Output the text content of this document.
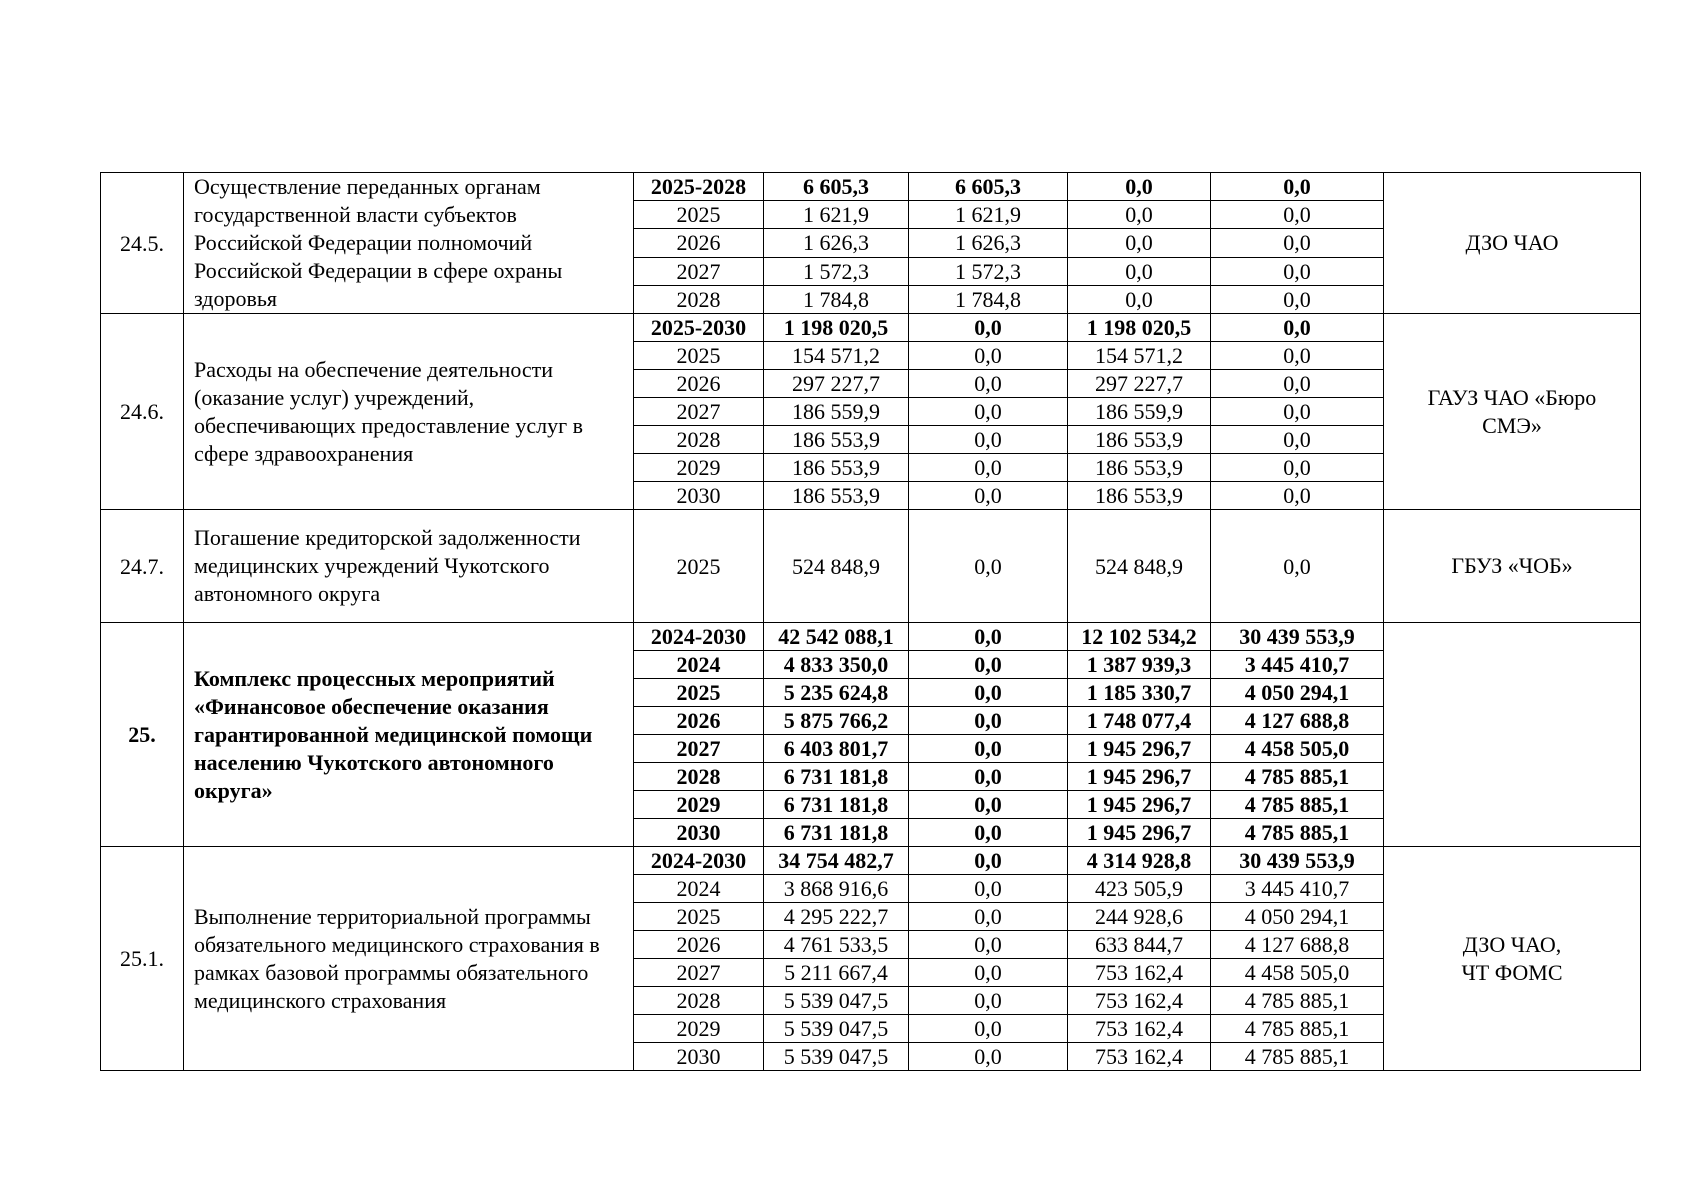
24.5.	Осуществление переданных органам государственной власти субъектов Российской Федерации полномочий Российской Федерации в сфере охраны здоровья	2025-2028	6 605,3	6 605,3	0,0	0,0	ДЗО ЧАО
		2025	1 621,9	1 621,9	0,0	0,0	
		2026	1 626,3	1 626,3	0,0	0,0	
		2027	1 572,3	1 572,3	0,0	0,0	
		2028	1 784,8	1 784,8	0,0	0,0	
24.6.	Расходы на обеспечение деятельности (оказание услуг) учреждений, обеспечивающих предоставление услуг в сфере здравоохранения	2025-2030	1 198 020,5	0,0	1 198 020,5	0,0	ГАУЗ ЧАО «Бюро
СМЭ»
		2025	154 571,2	0,0	154 571,2	0,0	
		2026	297 227,7	0,0	297 227,7	0,0	
		2027	186 559,9	0,0	186 559,9	0,0	
		2028	186 553,9	0,0	186 553,9	0,0	
		2029	186 553,9	0,0	186 553,9	0,0	
		2030	186 553,9	0,0	186 553,9	0,0	
24.7.	Погашение кредиторской задолженности медицинских учреждений Чукотского автономного округа	2025	524 848,9	0,0	524 848,9	0,0	ГБУЗ «ЧОБ»
25.	Комплекс процессных мероприятий «Финансовое обеспечение оказания гарантированной медицинской помощи населению Чукотского автономного округа»	2024-2030	42 542 088,1	0,0	12 102 534,2	30 439 553,9	
		2024	4 833 350,0	0,0	1 387 939,3	3 445 410,7	
		2025	5 235 624,8	0,0	1 185 330,7	4 050 294,1	
		2026	5 875 766,2	0,0	1 748 077,4	4 127 688,8	
		2027	6 403 801,7	0,0	1 945 296,7	4 458 505,0	
		2028	6 731 181,8	0,0	1 945 296,7	4 785 885,1	
		2029	6 731 181,8	0,0	1 945 296,7	4 785 885,1	
		2030	6 731 181,8	0,0	1 945 296,7	4 785 885,1	
25.1.	Выполнение территориальной программы обязательного медицинского страхования в рамках базовой программы обязательного медицинского страхования	2024-2030	34 754 482,7	0,0	4 314 928,8	30 439 553,9	ДЗО ЧАО,
ЧТ ФОМС
		2024	3 868 916,6	0,0	423 505,9	3 445 410,7	
		2025	4 295 222,7	0,0	244 928,6	4 050 294,1	
		2026	4 761 533,5	0,0	633 844,7	4 127 688,8	
		2027	5 211 667,4	0,0	753 162,4	4 458 505,0	
		2028	5 539 047,5	0,0	753 162,4	4 785 885,1	
		2029	5 539 047,5	0,0	753 162,4	4 785 885,1	
		2030	5 539 047,5	0,0	753 162,4	4 785 885,1	
